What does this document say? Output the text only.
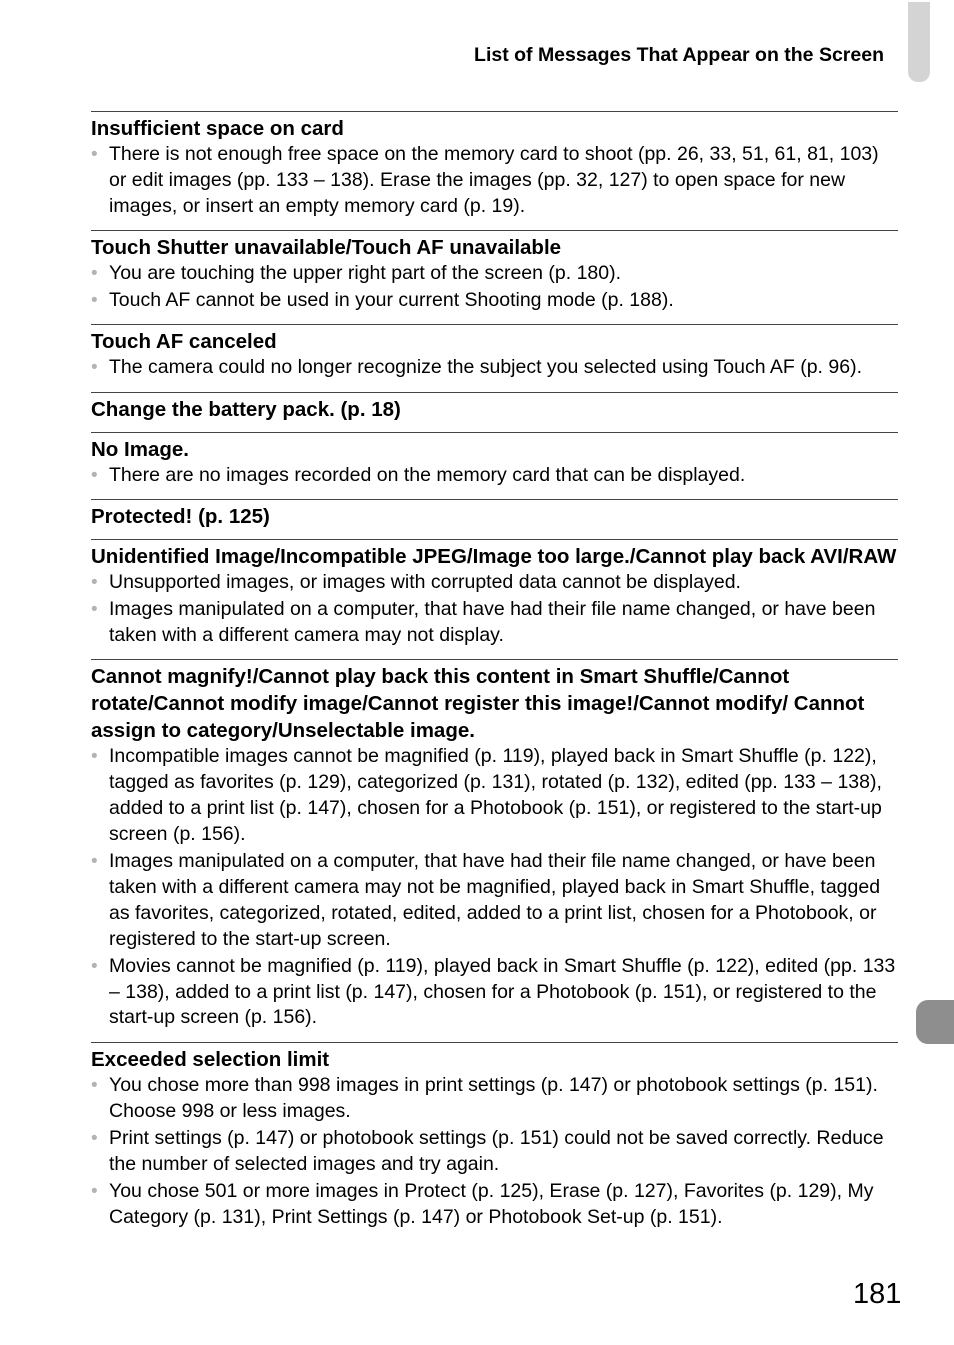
List of Messages That Appear on the Screen
Insufficient space on card
• There is not enough free space on the memory card to shoot (pp. 26, 33, 51, 61, 81, 103) or edit images (pp. 133 – 138). Erase the images (pp. 32, 127) to open space for new images, or insert an empty memory card (p. 19).
Touch Shutter unavailable/Touch AF unavailable
• You are touching the upper right part of the screen (p. 180).
• Touch AF cannot be used in your current Shooting mode (p. 188).
Touch AF canceled
• The camera could no longer recognize the subject you selected using Touch AF (p. 96).
Change the battery pack. (p. 18)
No Image.
• There are no images recorded on the memory card that can be displayed.
Protected! (p. 125)
Unidentified Image/Incompatible JPEG/Image too large./Cannot play back AVI/RAW
• Unsupported images, or images with corrupted data cannot be displayed.
• Images manipulated on a computer, that have had their file name changed, or have been taken with a different camera may not display.
Cannot magnify!/Cannot play back this content in Smart Shuffle/Cannot rotate/Cannot modify image/Cannot register this image!/Cannot modify/ Cannot assign to category/Unselectable image.
• Incompatible images cannot be magnified (p. 119), played back in Smart Shuffle (p. 122), tagged as favorites (p. 129), categorized (p. 131), rotated (p. 132), edited (pp. 133 – 138), added to a print list (p. 147), chosen for a Photobook (p. 151), or registered to the start-up screen (p. 156).
• Images manipulated on a computer, that have had their file name changed, or have been taken with a different camera may not be magnified, played back in Smart Shuffle, tagged as favorites, categorized, rotated, edited, added to a print list, chosen for a Photobook, or registered to the start-up screen.
• Movies cannot be magnified (p. 119), played back in Smart Shuffle (p. 122), edited (pp. 133 – 138), added to a print list (p. 147), chosen for a Photobook (p. 151), or registered to the start-up screen (p. 156).
Exceeded selection limit
• You chose more than 998 images in print settings (p. 147) or photobook settings (p. 151). Choose 998 or less images.
• Print settings (p. 147) or photobook settings (p. 151) could not be saved correctly. Reduce the number of selected images and try again.
• You chose 501 or more images in Protect (p. 125), Erase (p. 127), Favorites (p. 129), My Category (p. 131), Print Settings (p. 147) or Photobook Set-up (p. 151).
181
